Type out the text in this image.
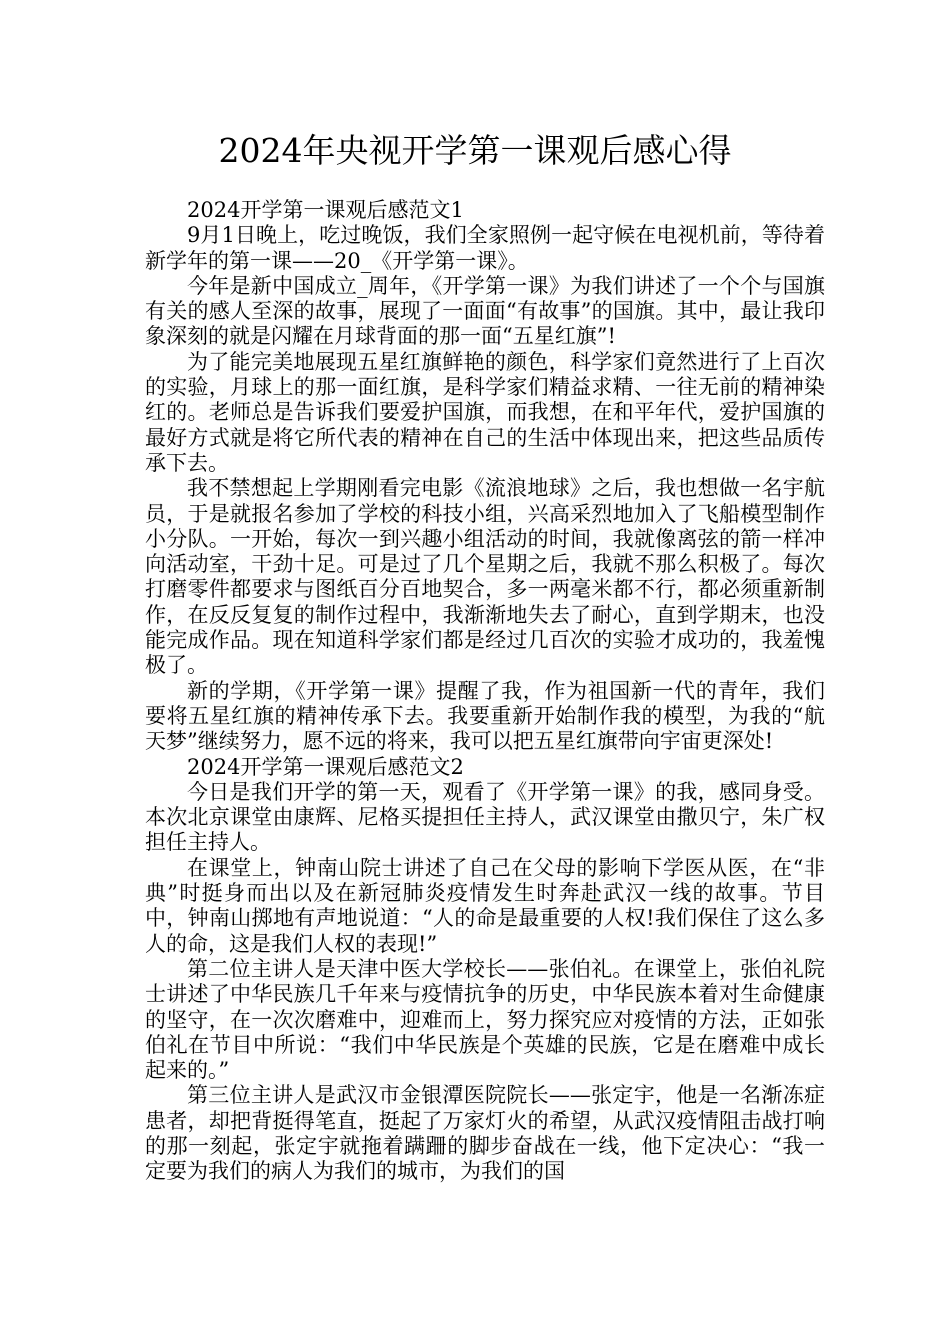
2024年央视开学第一课观后感心得

2024开学第一课观后感范文1

9月1日晚上，吃过晚饭，我们全家照例一起守候在电视机前，等待着新学年的第一课——20_《开学第一课》。

今年是新中国成立_周年，《开学第一课》为我们讲述了一个个与国旗有关的感人至深的故事，展现了一面面“有故事”的国旗。其中，最让我印象深刻的就是闪耀在月球背面的那一面“五星红旗”!

为了能完美地展现五星红旗鲜艳的颜色，科学家们竟然进行了上百次的实验，月球上的那一面红旗，是科学家们精益求精、一往无前的精神染红的。老师总是告诉我们要爱护国旗，而我想，在和平年代，爱护国旗的最好方式就是将它所代表的精神在自己的生活中体现出来，把这些品质传承下去。

我不禁想起上学期刚看完电影《流浪地球》之后，我也想做一名宇航员，于是就报名参加了学校的科技小组，兴高采烈地加入了飞船模型制作小分队。一开始，每次一到兴趣小组活动的时间，我就像离弦的箭一样冲向活动室，干劲十足。可是过了几个星期之后，我就不那么积极了。每次打磨零件都要求与图纸百分百地契合，多一两毫米都不行，都必须重新制作，在反反复复的制作过程中，我渐渐地失去了耐心，直到学期末，也没能完成作品。现在知道科学家们都是经过几百次的实验才成功的，我羞愧极了。

新的学期，《开学第一课》提醒了我，作为祖国新一代的青年，我们要将五星红旗的精神传承下去。我要重新开始制作我的模型，为我的“航天梦”继续努力，愿不远的将来，我可以把五星红旗带向宇宙更深处!

2024开学第一课观后感范文2

今日是我们开学的第一天，观看了《开学第一课》的我，感同身受。本次北京课堂由康辉、尼格买提担任主持人，武汉课堂由撒贝宁，朱广权担任主持人。

在课堂上，钟南山院士讲述了自己在父母的影响下学医从医，在“非典”时挺身而出以及在新冠肺炎疫情发生时奔赴武汉一线的故事。节目中，钟南山掷地有声地说道：“人的命是最重要的人权!我们保住了这么多人的命，这是我们人权的表现!”

第二位主讲人是天津中医大学校长——张伯礼。在课堂上，张伯礼院士讲述了中华民族几千年来与疫情抗争的历史，中华民族本着对生命健康的坚守，在一次次磨难中，迎难而上，努力探究应对疫情的方法，正如张伯礼在节目中所说：“我们中华民族是个英雄的民族，它是在磨难中成长起来的。”

第三位主讲人是武汉市金银潭医院院长——张定宇，他是一名渐冻症患者，却把背挺得笔直，挺起了万家灯火的希望，从武汉疫情阻击战打响的那一刻起，张定宇就拖着蹒跚的脚步奋战在一线，他下定决心：“我一定要为我们的病人为我们的城市，为我们的国
